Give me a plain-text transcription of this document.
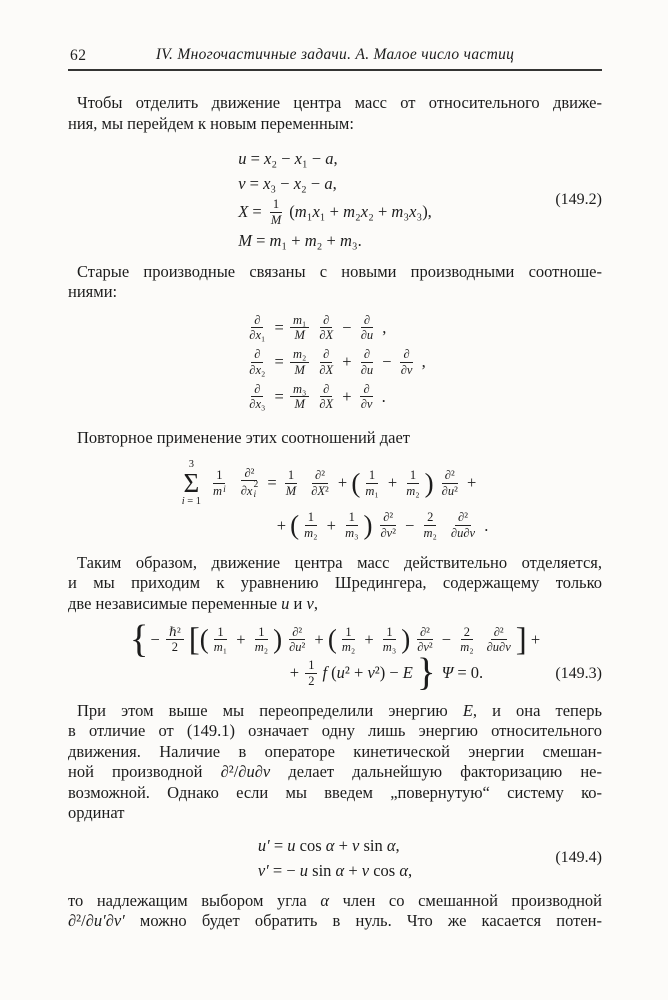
62	IV. Многочастичные задачи. А. Малое число частиц
Чтобы отделить движение центра масс от относительного движе-
ния, мы перейдем к новым переменным:
u = x₂ − x₁ − a,
v = x₃ − x₂ − a,
$X = \frac{1}{M} (m_1x_1 + m_2x_2 + m_3x_3)$,
M = m₁ + m₂ + m₃.
(149.2)
Старые производные связаны с новыми производными соотноше-
ниями:
$\frac{\partial}{\text{∂x₁}} = \frac{\text{m₁}}{M} \frac{\partial}{\partial X} - \frac{\partial}{\partial u}$ ,
$\frac{\partial}{\text{∂x₂}} = \frac{\text{m₂}}{M} \frac{\partial}{\partial X} + \frac{\partial}{\partial u} - \frac{\partial}{\partial v}$ ,
$\frac{\partial}{\text{∂x₃}} = \frac{\text{m₃}}{M} \frac{\partial}{\partial X} + \frac{\partial}{\partial v}$ .
Повторное применение этих соотношений дает
3
Σ
i = 1
$\frac{1}{\text{m i}} \partial^2$
∂ x 2
$i = \frac{1}{M} \frac{\text{∂²}}{\text{∂X²}}$ + ( $\frac{1}{\text{m₁}} + \frac{1}{\text{m₂}}$ ) $\frac{\text{∂²}}{\text{∂u²}}$ +
+ ( $\frac{1}{\text{m₂}} + \frac{1}{\text{m₃}}$ ) $\frac{\text{∂²}}{\text{∂v²}} - \frac{2}{\text{m₂}} \frac{\text{∂²}}{\partial u\partial v}$ .
Таким образом, движение центра масс действительно отделяется,
и мы приходим к уравнению Шредингера, содержащему только
две независимые переменные u и v,
{ − $\frac{\text{ℏ²}}{2}$ [ ( $\frac{1}{\text{m₁}} + \frac{1}{\text{m₂}}$ ) $\frac{\text{∂²}}{\text{∂u²}}$ + ( $\frac{1}{\text{m₂}} + \frac{1}{\text{m₃}}$ ) $\frac{\text{∂²}}{\text{∂v²}} - \frac{2}{\text{m₂}} \frac{\text{∂²}}{\partial u\partial v}$ ] +
+ $\frac{1}{2}$ f (u² + v²) − E } Ψ = 0.	(149.3)
При этом выше мы переопределили энергию E, и она теперь
в отличие от (149.1) означает одну лишь энергию относительного
движения. Наличие в операторе кинетической энергии смешан-
ной производной ∂²/∂u∂v делает дальнейшую факторизацию не-
возможной. Однако если мы введем „повернутую“ систему ко-
ординат
u′ = u cos α + v sin α,
v′ = − u sin α + v cos α,
(149.4)
то надлежащим выбором угла α член со смешанной производной
∂²/∂u′∂v′ можно будет обратить в нуль. Что же касается потен-
